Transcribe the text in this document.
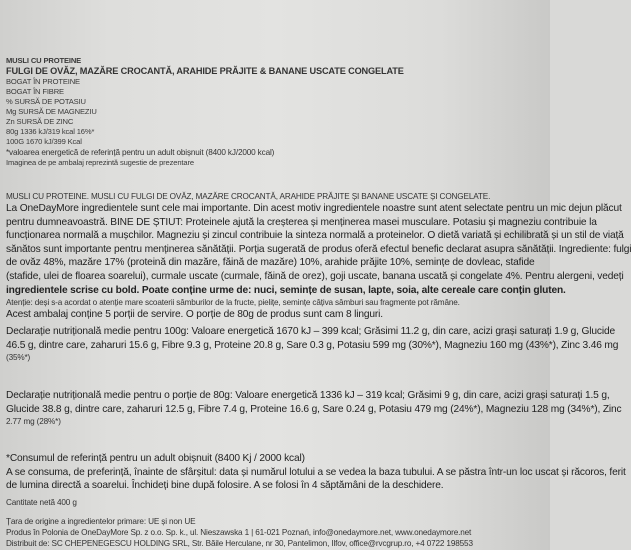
MUSLI CU PROTEINE
FULGI DE OVĂZ, MAZĂRE CROCANTĂ, ARAHIDE PRĂJITE & BANANE USCATE CONGELATE
BOGAT ÎN PROTEINE
BOGAT ÎN FIBRE
% SURSĂ DE POTASIU
Mg SURSĂ DE MAGNEZIU
Zn SURSĂ DE ZINC
80g 1336 kJ/319 kcal 16%*
100G 1670 kJ/399 Kcal
*valoarea energetică de referință pentru un adult obișnuit (8400 kJ/2000 kcal)
Imaginea de pe ambalaj reprezintă sugestie de prezentare
MUSLI CU PROTEINE. MUSLI CU FULGI DE OVĂZ, MAZĂRE CROCANTĂ, ARAHIDE PRĂJITE ȘI BANANE USCATE ȘI CONGELATE.
La OneDayMore ingredientele sunt cele mai importante. Din acest motiv ingredientele noastre sunt atent selectate pentru un mic dejun plăcut
pentru dumneavoastră. BINE DE ȘTIUT: Proteinele ajută la creșterea și menținerea masei musculare. Potasiu și magneziu contribuie la
funcționarea normală a mușchilor. Magneziu și zincul contribuie la sinteza normală a proteinelor. O dietă variată și echilibrată și un stil de viață
sănătos sunt importante pentru menținerea sănătății. Porția sugerată de produs oferă efectul benefic declarat asupra sănătății. Ingrediente: fulgi
de ovăz 48%, mazăre 17% (proteină din mazăre, făină de mazăre) 10%, arahide prăjite 10%, semințe de dovleac, stafide
(stafide, ulei de floarea soarelui), curmale uscate (curmale, făină de orez), goji uscate, banana uscată și congelate 4%. Pentru alergeni, vedeți
ingredientele scrise cu bold. Poate conține urme de: nuci, semințe de susan, lapte, soia, alte cereale care conțin gluten.
Atenție: deși s-a acordat o atenție mare scoaterii sâmburilor de la fructe, pielițe, semințe câțiva sâmburi sau fragmente pot rămâne.
Acest ambalaj conține 5 porții de servire. O porție de 80g de produs sunt cam 8 linguri.
Declarație nutrițională medie pentru 100g: Valoare energetică 1670 kJ – 399 kcal; Grăsimi 11.2 g, din care, acizi grași saturați 1.9 g, Glucide
46.5 g, dintre care, zaharuri 15.6 g, Fibre 9.3 g, Proteine 20.8 g, Sare 0.3 g, Potasiu 599 mg (30%*), Magneziu 160 mg (43%*), Zinc 3.46 mg
(35%*)
Declarație nutrițională medie pentru o porție de 80g: Valoare energetică 1336 kJ – 319 kcal; Grăsimi 9 g, din care, acizi grași saturați 1.5 g,
Glucide 38.8 g, dintre care, zaharuri 12.5 g, Fibre 7.4 g, Proteine 16.6 g, Sare 0.24 g, Potasiu 479 mg (24%*), Magneziu 128 mg (34%*), Zinc
2.77 mg (28%*)
*Consumul de referință pentru un adult obișnuit (8400 Kj / 2000 kcal)
A se consuma, de preferință, înainte de sfârșitul: data și numărul lotului a se vedea la baza tubului. A se păstra într-un loc uscat și răcoros, ferit
de lumina directă a soarelui. Închideți bine după folosire. A se folosi în 4 săptămâni de la deschidere.
Cantitate netă 400 g
Țara de origine a ingredientelor primare: UE și non UE
Produs în Polonia de OneDayMore Sp. z o.o. Sp. k., ul. Nieszawska 1 | 61-021 Poznań, info@onedaymore.net, www.onedaymore.net
Distribuit de: SC CHEPENEGESCU HOLDING SRL, Str. Băile Herculane, nr 30, Pantelimon, Ilfov, office@rvcgrup.ro, +4 0722 198553
